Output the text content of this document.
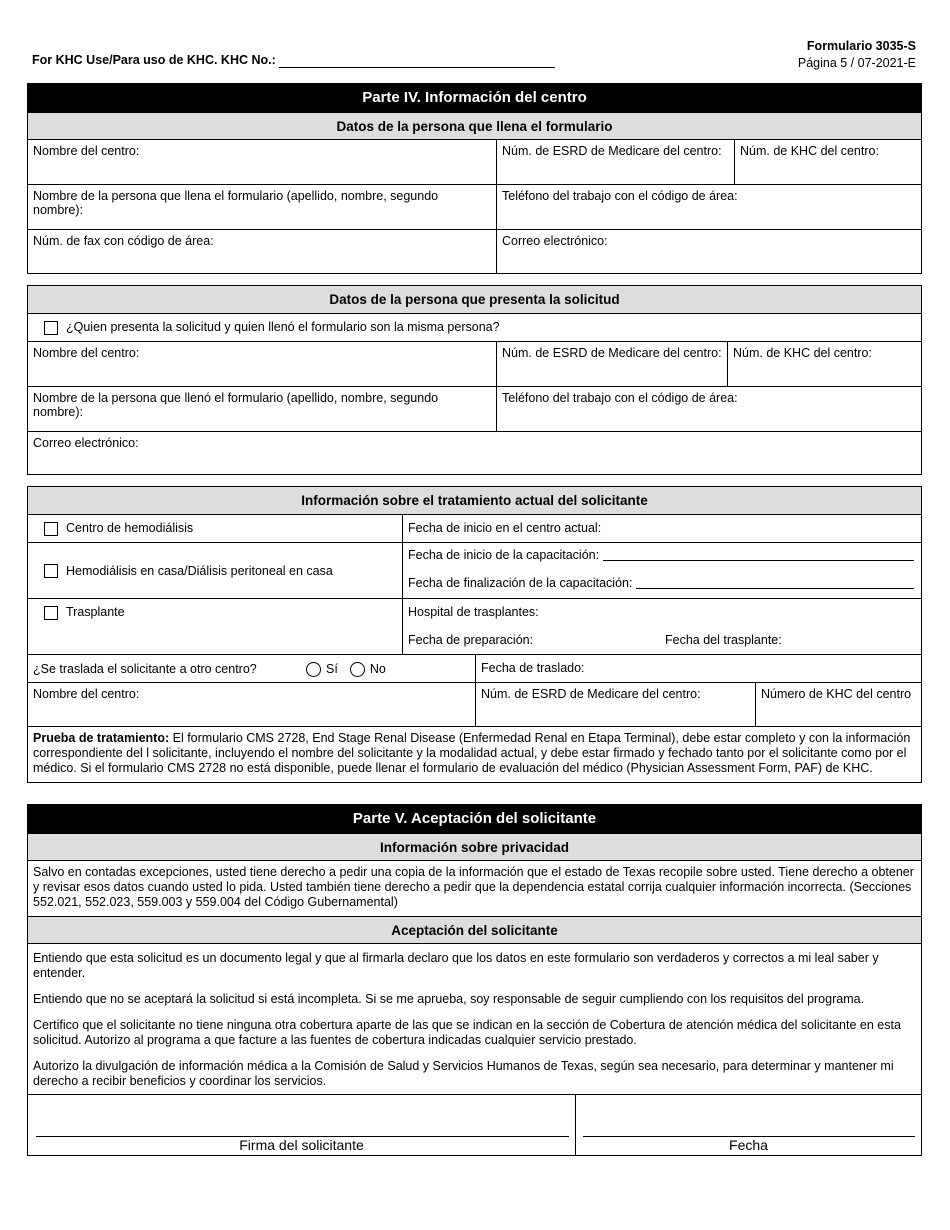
For KHC Use/Para uso de KHC. KHC No.:
Formulario 3035-S
Página 5 / 07-2021-E
Parte IV. Información del centro
Datos de la persona que llena el formulario
Nombre del centro:	Núm. de ESRD de Medicare del centro:	Núm. de KHC del centro:
Nombre de la persona que llena el formulario (apellido, nombre, segundo nombre):
Teléfono del trabajo con el código de área:
Núm. de fax con código de área:	Correo electrónico:
Datos de la persona que presenta la solicitud
¿Quien presenta la solicitud y quien llenó el formulario son la misma persona?
Nombre del centro:	Núm. de ESRD de Medicare del centro: Núm. de KHC del centro:
Nombre de la persona que llenó el formulario (apellido, nombre, segundo nombre):
Teléfono del trabajo con el código de área:
Correo electrónico:
Información sobre el tratamiento actual del solicitante
Centro de hemodiálisis	Fecha de inicio en el centro actual:
Hemodiálisis en casa/Diálisis peritoneal en casa
Fecha de inicio de la capacitación:
Fecha de finalización de la capacitación:
Trasplante	Hospital de trasplantes:
Fecha de preparación:	Fecha del trasplante:
¿Se traslada el solicitante a otro centro?	Sí	No	Fecha de traslado:
Nombre del centro:	Núm. de ESRD de Medicare del centro:	Número de KHC del centro

Prueba de tratamiento: El formulario CMS 2728, End Stage Renal Disease (Enfermedad Renal en Etapa Terminal), debe estar completo y con la información correspondiente del l solicitante, incluyendo el nombre del solicitante y la modalidad actual, y debe estar firmado y fechado tanto por el solicitante como por el médico. Si el formulario CMS 2728 no está disponible, puede llenar el formulario de evaluación del médico (Physician Assessment Form, PAF) de KHC.

Parte V. Aceptación del solicitante
Información sobre privacidad

Salvo en contadas excepciones, usted tiene derecho a pedir una copia de la información que el estado de Texas recopile sobre usted. Tiene derecho a obtener y revisar esos datos cuando usted lo pida. Usted también tiene derecho a pedir que la dependencia estatal corrija cualquier información incorrecta. (Secciones 552.021, 552.023, 559.003 y 559.004 del Código Gubernamental)

Aceptación del solicitante

Entiendo que esta solicitud es un documento legal y que al firmarla declaro que los datos en este formulario son verdaderos y correctos a mi leal saber y entender.

Entiendo que no se aceptará la solicitud si está incompleta. Si se me aprueba, soy responsable de seguir cumpliendo con los requisitos del programa.

Certifico que el solicitante no tiene ninguna otra cobertura aparte de las que se indican en la sección de Cobertura de atención médica del solicitante en esta solicitud. Autorizo al programa a que facture a las fuentes de cobertura indicadas cualquier servicio prestado.

Autorizo la divulgación de información médica a la Comisión de Salud y Servicios Humanos de Texas, según sea necesario, para determinar y mantener mi derecho a recibir beneficios y coordinar los servicios.

Firma del solicitante	Fecha
